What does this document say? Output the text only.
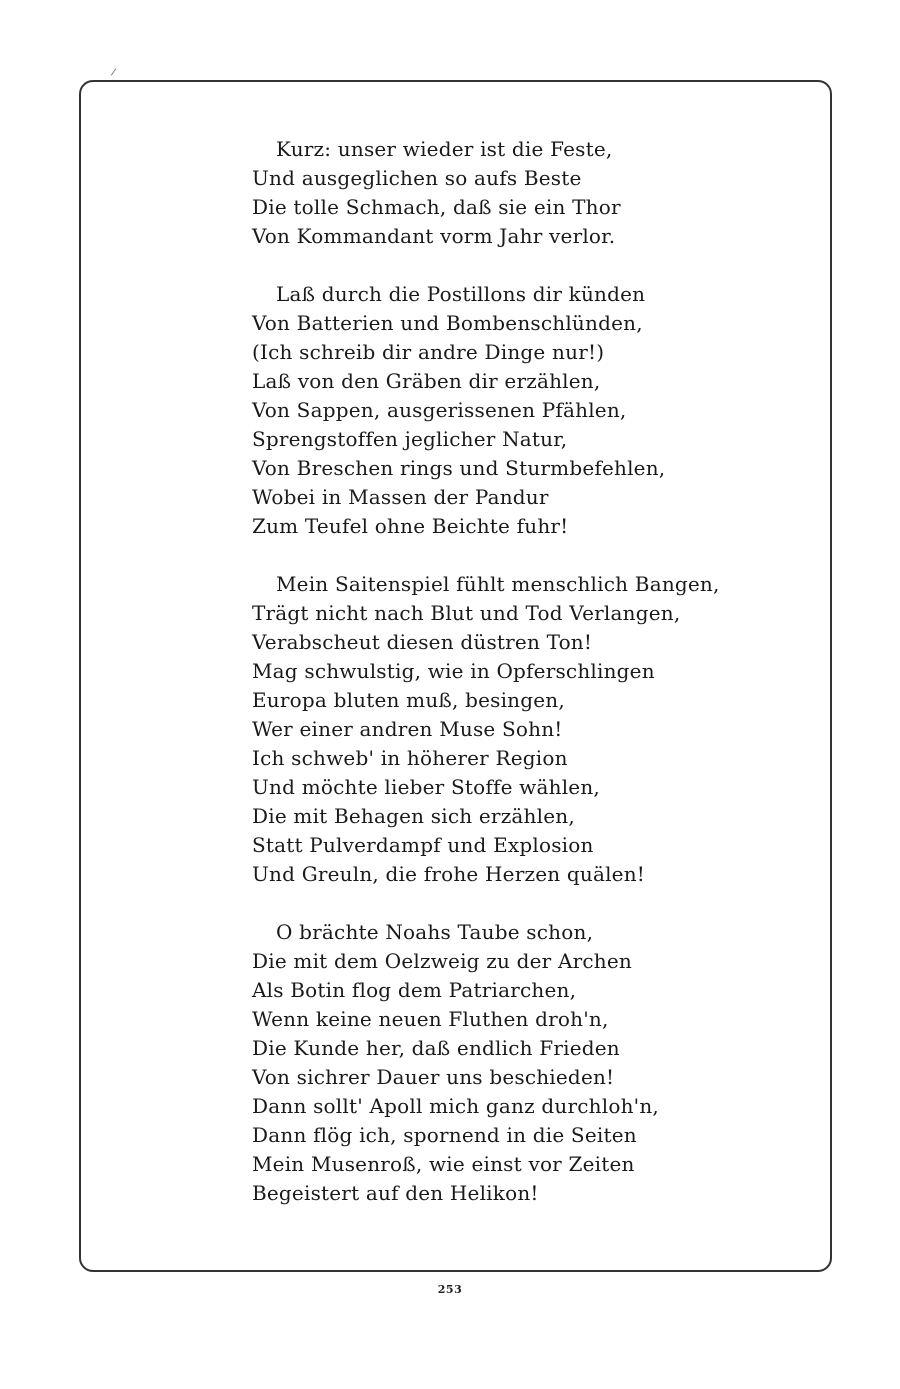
Kurz: unser wieder ist die Feste,
Und ausgeglichen so aufs Beste
Die tolle Schmach, daß sie ein Thor
Von Kommandant vorm Jahr verlor.
Laß durch die Postillons dir künden
Von Batterien und Bombenschlünden,
(Ich schreib dir andre Dinge nur!)
Laß von den Gräben dir erzählen,
Von Sappen, ausgerissenen Pfählen,
Sprengstoffen jeglicher Natur,
Von Breschen rings und Sturmbefehlen,
Wobei in Massen der Pandur
Zum Teufel ohne Beichte fuhr!
Mein Saitenspiel fühlt menschlich Bangen,
Trägt nicht nach Blut und Tod Verlangen,
Verabscheut diesen düstren Ton!
Mag schwulstig, wie in Opferschlingen
Europa bluten muß, besingen,
Wer einer andren Muse Sohn!
Ich schweb' in höherer Region
Und möchte lieber Stoffe wählen,
Die mit Behagen sich erzählen,
Statt Pulverdampf und Explosion
Und Greuln, die frohe Herzen quälen!
O brächte Noahs Taube schon,
Die mit dem Oelzweig zu der Archen
Als Botin flog dem Patriarchen,
Wenn keine neuen Fluthen droh'n,
Die Kunde her, daß endlich Frieden
Von sichrer Dauer uns beschieden!
Dann sollt' Apoll mich ganz durchloh'n,
Dann flög ich, spornend in die Seiten
Mein Musenroß, wie einst vor Zeiten
Begeistert auf den Helikon!
253
